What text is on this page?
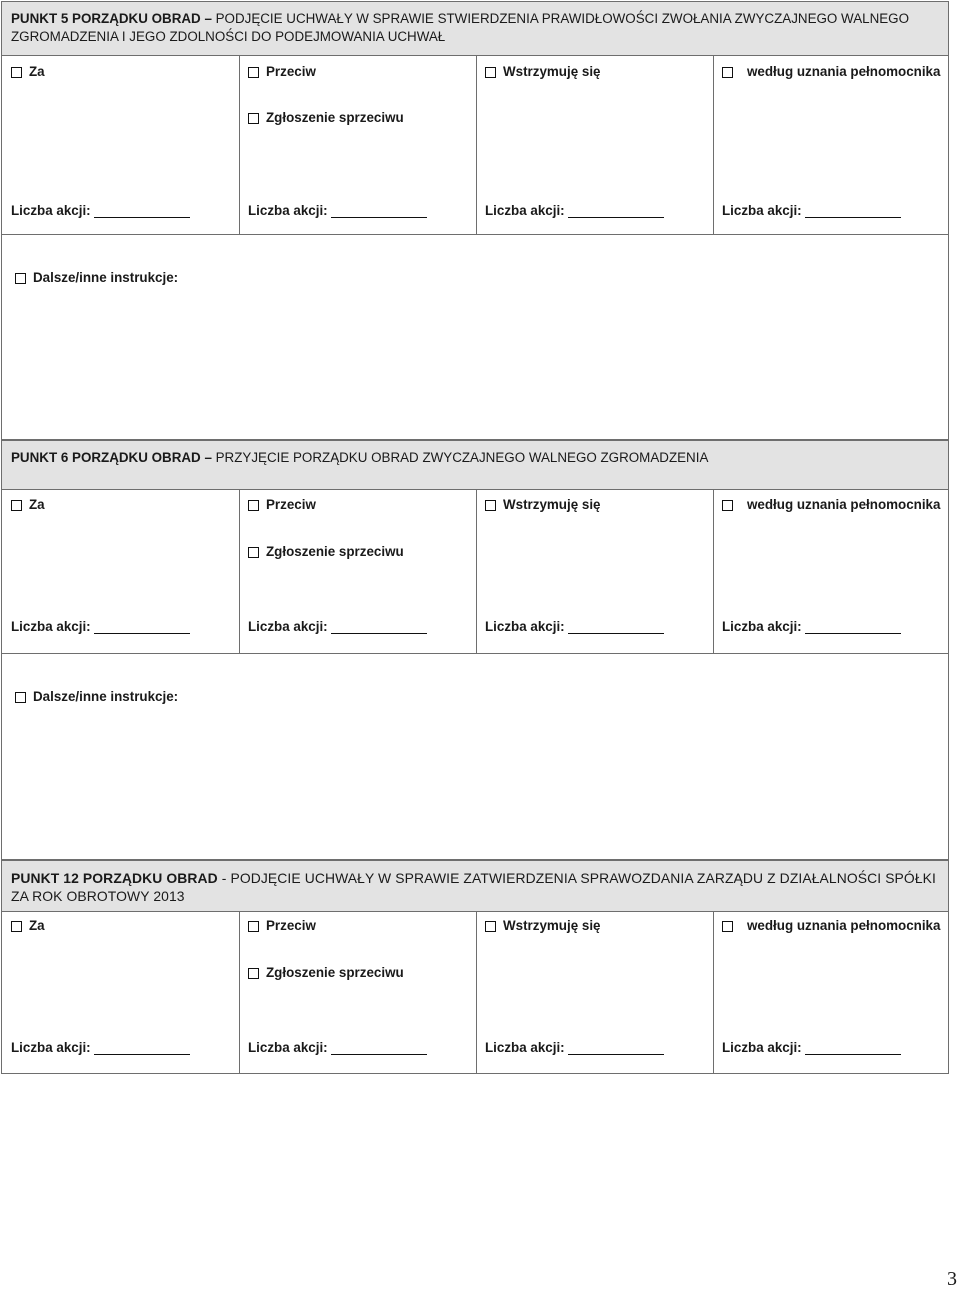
PUNKT 5 PORZĄDKU OBRAD – PODJĘCIE UCHWAŁY W SPRAWIE STWIERDZENIA PRAWIDŁOWOŚCI ZWOŁANIA ZWYCZAJNEGO WALNEGO ZGROMADZENIA I JEGO ZDOLNOŚCI DO PODEJMOWANIA UCHWAŁ
Za
Liczba akcji:
Przeciw
Zgłoszenie sprzeciwu
Liczba akcji:
Wstrzymuję się
Liczba akcji:
według uznania pełnomocnika
Liczba akcji:
Dalsze/inne instrukcje:
PUNKT 6 PORZĄDKU OBRAD – PRZYJĘCIE PORZĄDKU OBRAD ZWYCZAJNEGO WALNEGO ZGROMADZENIA
Za
Liczba akcji:
Przeciw
Zgłoszenie sprzeciwu
Liczba akcji:
Wstrzymuję się
Liczba akcji:
według uznania pełnomocnika
Liczba akcji:
Dalsze/inne instrukcje:
PUNKT 12 PORZĄDKU OBRAD - PODJĘCIE UCHWAŁY W SPRAWIE ZATWIERDZENIA SPRAWOZDANIA ZARZĄDU Z DZIAŁALNOŚCI SPÓŁKI ZA ROK OBROTOWY 2013
Za
Liczba akcji:
Przeciw
Zgłoszenie sprzeciwu
Liczba akcji:
Wstrzymuję się
Liczba akcji:
według uznania pełnomocnika
Liczba akcji:
3
